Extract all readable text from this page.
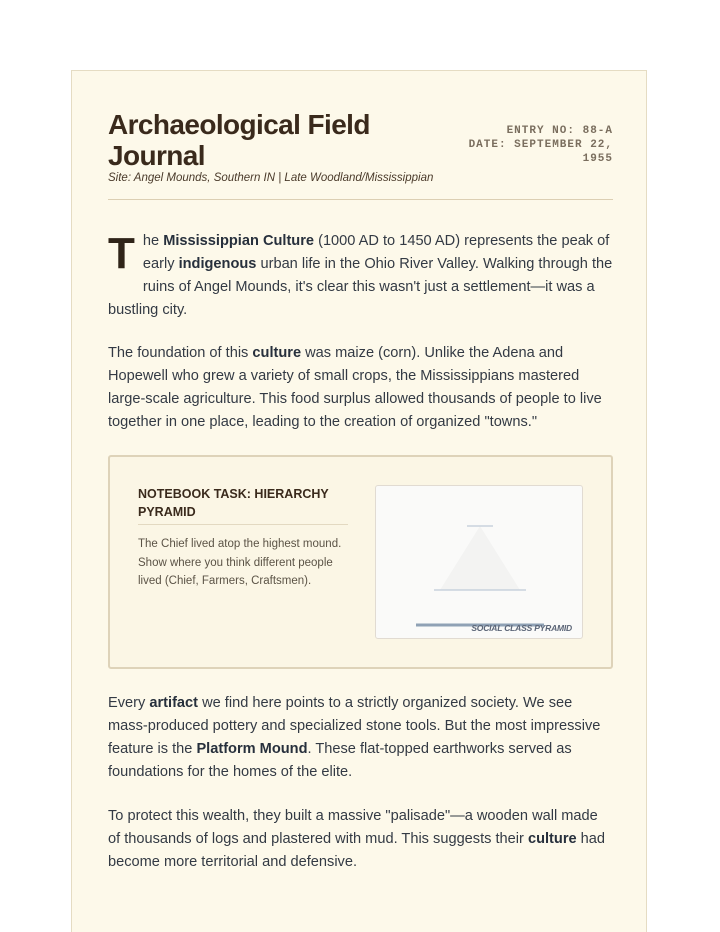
Archaeological Field Journal
Site: Angel Mounds, Southern IN | Late Woodland/Mississippian
ENTRY NO: 88-A
DATE: SEPTEMBER 22, 1955

The Mississippian Culture (1000 AD to 1450 AD) represents the peak of early indigenous urban life in the Ohio River Valley. Walking through the ruins of Angel Mounds, it's clear this wasn't just a settlement—it was a bustling city.

The foundation of this culture was maize (corn). Unlike the Adena and Hopewell who grew a variety of small crops, the Mississippians mastered large-scale agriculture. This food surplus allowed thousands of people to live together in one place, leading to the creation of organized "towns."

NOTEBOOK TASK: HIERARCHY PYRAMID

The Chief lived atop the highest mound. Show where you think different people lived (Chief, Farmers, Craftsmen).

SOCIAL CLASS PYRAMID

Every artifact we find here points to a strictly organized society. We see mass-produced pottery and specialized stone tools. But the most impressive feature is the Platform Mound. These flat-topped earthworks served as foundations for the homes of the elite.

To protect this wealth, they built a massive "palisade"—a wooden wall made of thousands of logs and plastered with mud. This suggests their culture had become more territorial and defensive.
